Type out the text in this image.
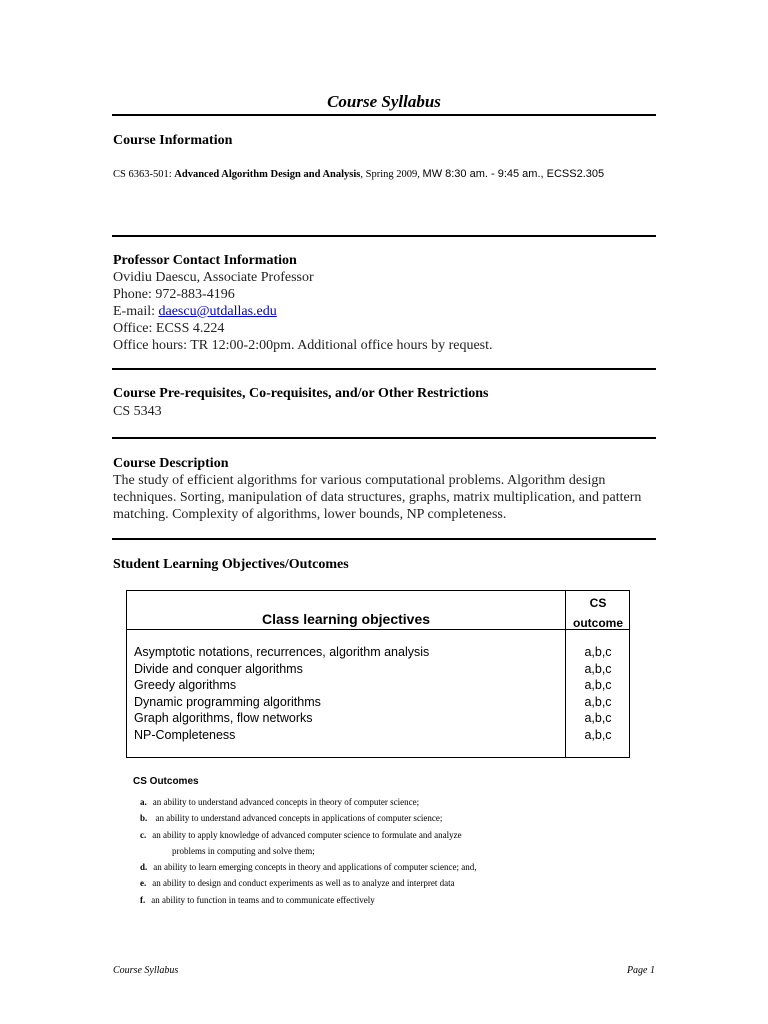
Course Syllabus
Course Information
CS 6363-501: Advanced Algorithm Design and Analysis, Spring 2009, MW 8:30 am. - 9:45 am., ECSS2.305
Professor Contact Information
Ovidiu Daescu, Associate Professor
Phone: 972-883-4196
E-mail: daescu@utdallas.edu
Office: ECSS 4.224
Office hours: TR 12:00-2:00pm. Additional office hours by request.
Course Pre-requisites, Co-requisites, and/or Other Restrictions
CS 5343
Course Description
The study of efficient algorithms for various computational problems. Algorithm design techniques. Sorting, manipulation of data structures, graphs, matrix multiplication, and pattern matching. Complexity of algorithms, lower bounds, NP completeness.
Student Learning Objectives/Outcomes
Class learning objectives
CS
outcome
Asymptotic notations, recurrences, algorithm analysis	a,b,c
Divide and conquer algorithms	a,b,c
Greedy algorithms	a,b,c
Dynamic programming algorithms	a,b,c
Graph algorithms, flow networks	a,b,c
NP-Completeness	a,b,c
CS Outcomes
a. an ability to understand advanced concepts in theory of computer science;
b. an ability to understand advanced concepts in applications of computer science;
c. an ability to apply knowledge of advanced computer science to formulate and analyze
problems in computing and solve them;
d. an ability to learn emerging concepts in theory and applications of computer science; and,
e. an ability to design and conduct experiments as well as to analyze and interpret data
f. an ability to function in teams and to communicate effectively
Course Syllabus	Page 1
